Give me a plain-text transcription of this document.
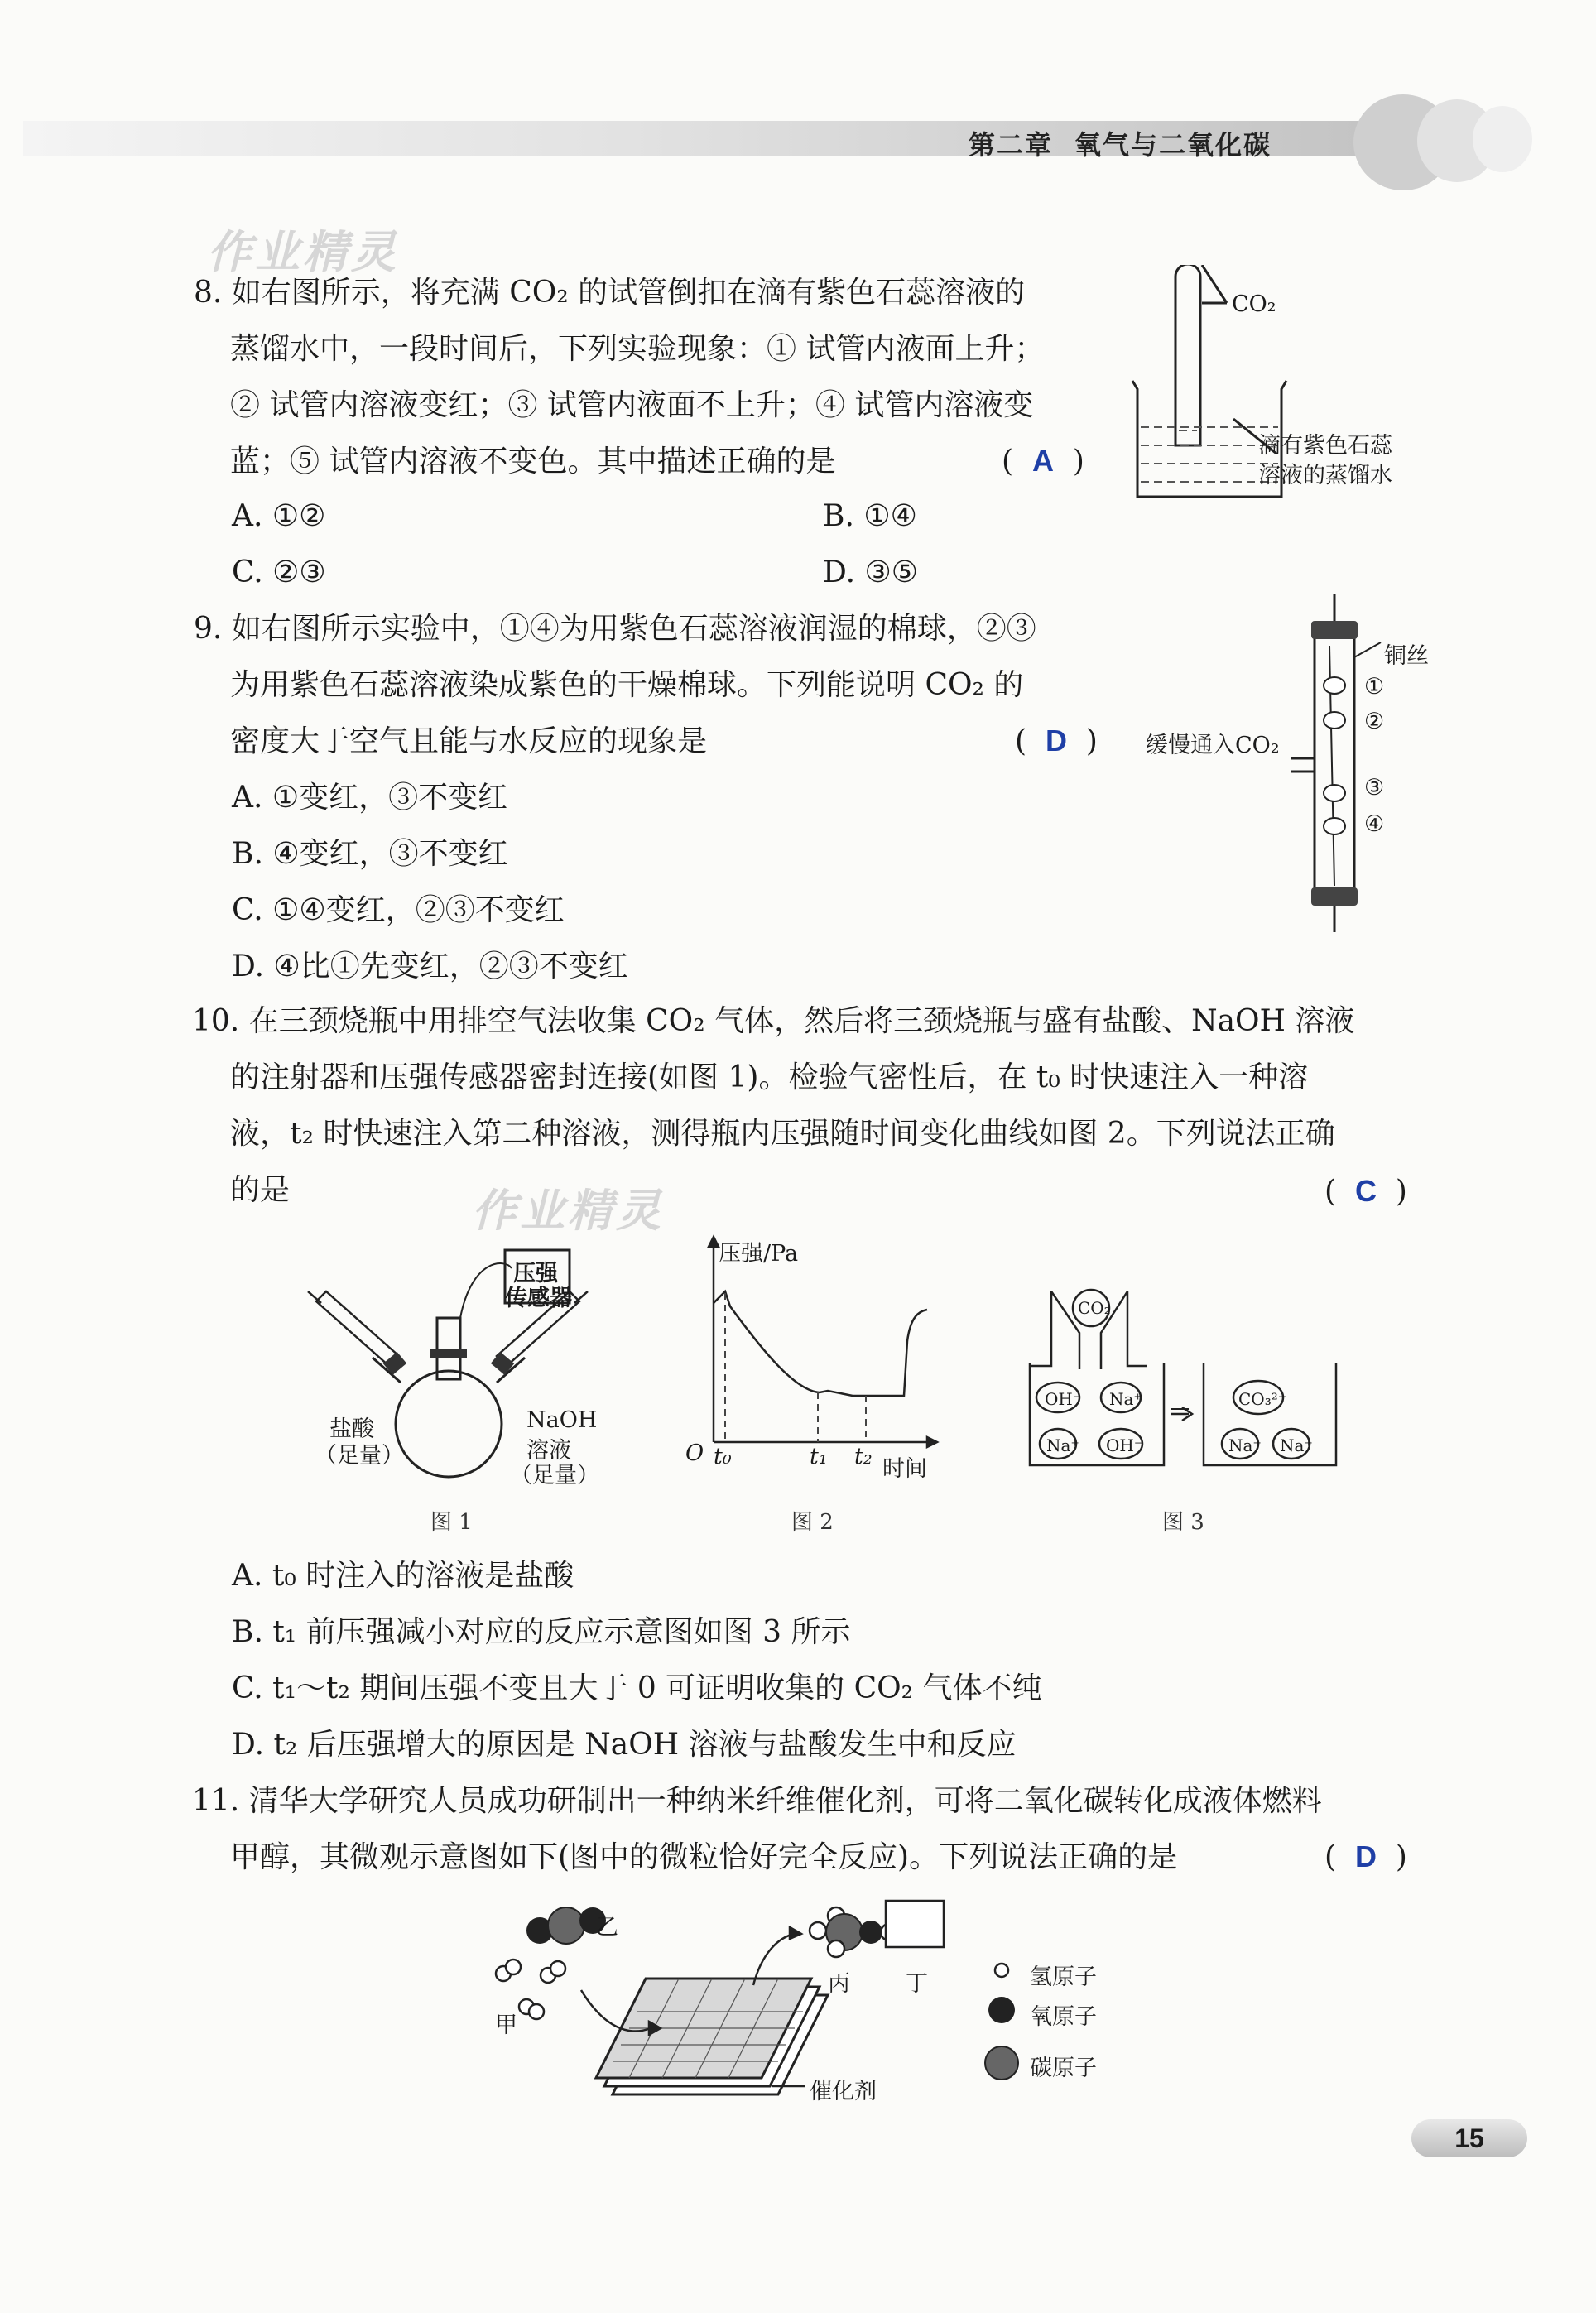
第二章 氧气与二氧化碳
作业精灵
作业精灵
8. 如右图所示，将充满 CO₂ 的试管倒扣在滴有紫色石蕊溶液的
蒸馏水中，一段时间后，下列实验现象：① 试管内液面上升；
② 试管内溶液变红；③ 试管内液面不上升；④ 试管内溶液变
蓝；⑤ 试管内溶液不变色。其中描述正确的是	(  A  )
A. ①②	B. ①④
C. ②③	D. ③⑤
CO₂
滴有紫色石蕊
溶液的蒸馏水
9. 如右图所示实验中，①④为用紫色石蕊溶液润湿的棉球，②③
为用紫色石蕊溶液染成紫色的干燥棉球。下列能说明 CO₂ 的
密度大于空气且能与水反应的现象是	(  D  )
A. ①变红，③不变红
B. ④变红，③不变红
C. ①④变红，②③不变红
D. ④比①先变红，②③不变红
铜丝
缓慢通入CO₂
①
②
③
④
10. 在三颈烧瓶中用排空气法收集 CO₂ 气体，然后将三颈烧瓶与盛有盐酸、NaOH 溶液
的注射器和压强传感器密封连接(如图 1)。检验气密性后，在 t₀ 时快速注入一种溶
液，t₂ 时快速注入第二种溶液，测得瓶内压强随时间变化曲线如图 2。下列说法正确
的是	(  C  )
压强
传感器
盐酸
（足量）
NaOH
溶液
（足量）
图 1
压强/Pa
O t₀	t₁ t₂ 时间
图 2
CO₂
OH⁻ Na⁺
Na⁺ OH⁻
CO₃²⁻
Na⁺ Na⁺
图 3
A. t₀ 时注入的溶液是盐酸
B. t₁ 前压强减小对应的反应示意图如图 3 所示
C. t₁～t₂ 期间压强不变且大于 0 可证明收集的 CO₂ 气体不纯
D. t₂ 后压强增大的原因是 NaOH 溶液与盐酸发生中和反应
11. 清华大学研究人员成功研制出一种纳米纤维催化剂，可将二氧化碳转化成液体燃料
甲醇，其微观示意图如下(图中的微粒恰好完全反应)。下列说法正确的是	(  D  )
乙
甲
丙 丁
催化剂
氢原子
氧原子
碳原子
15
